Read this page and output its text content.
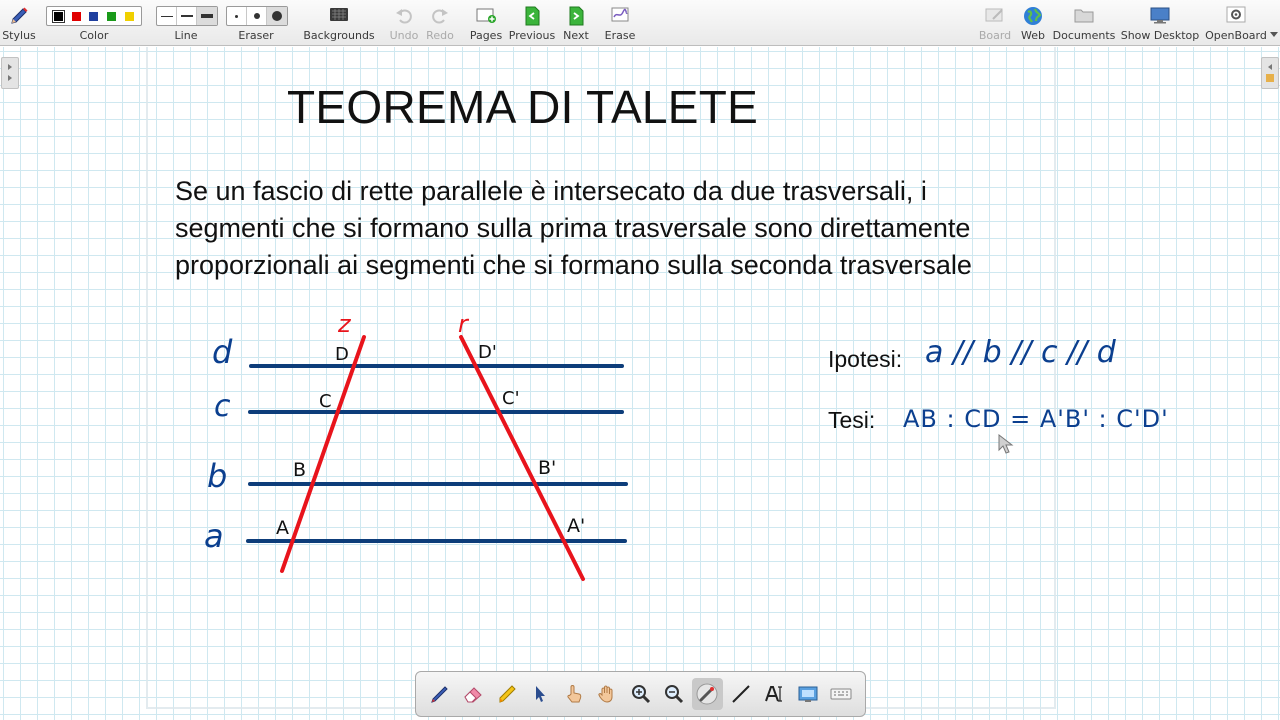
Stylus	Color	Line	Eraser	Backgrounds Undo Redo	Pages Previous Next	Erase	Board Web Documents Show Desktop OpenBoard
TEOREMA DI TALETE
Se un fascio di rette parallele è intersecato da due trasversali, i
segmenti che si formano sulla prima trasversale sono direttamente
proporzionali ai segmenti che si formano sulla seconda trasversale
Ipotesi: a // b // c // d
Tesi: AB : CD = A'B' : C'D'
d
c
b
a
z	r
D
C
B
A
D'
C'
B'
A'
